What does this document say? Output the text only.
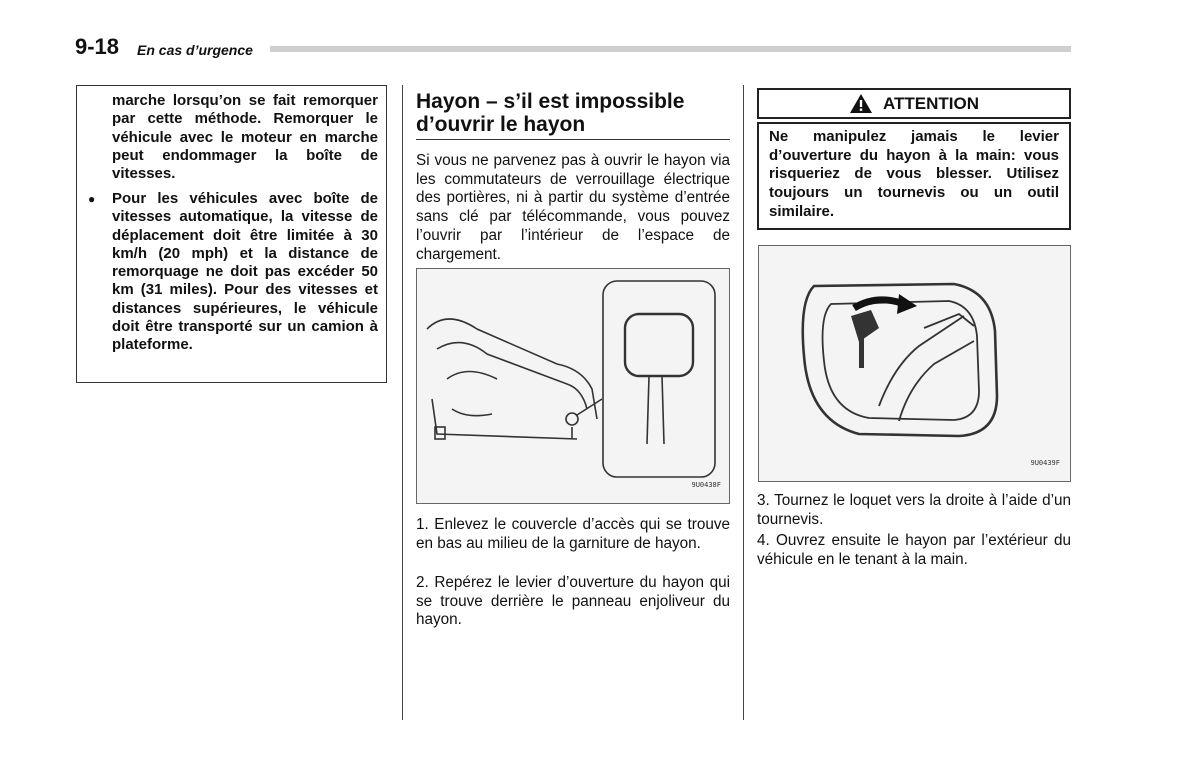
9-18 En cas d’urgence

marche lorsqu’on se fait remorquer par cette méthode. Remorquer le véhicule avec le moteur en marche peut endommager la boîte de vitesses.

● Pour les véhicules avec boîte de vitesses automatique, la vitesse de déplacement doit être limitée à 30 km/h (20 mph) et la distance de remorquage ne doit pas excéder 50 km (31 miles). Pour des vitesses et distances supérieures, le véhicule doit être transporté sur un camion à plateforme.

Hayon – s’il est impossible
d’ouvrir le hayon

Si vous ne parvenez pas à ouvrir le hayon via les commutateurs de verrouillage électrique des portières, ni à partir du système d’entrée sans clé par télécommande, vous pouvez l’ouvrir par l’intérieur de l’espace de chargement.

9U0438F

1. Enlevez le couvercle d’accès qui se trouve en bas au milieu de la garniture de hayon.

2. Repérez le levier d’ouverture du hayon qui se trouve derrière le panneau enjoliveur du hayon.

ATTENTION

Ne manipulez jamais le levier d’ouverture du hayon à la main: vous risqueriez de vous blesser. Utilisez toujours un tournevis ou un outil similaire.

9U0439F

3. Tournez le loquet vers la droite à l’aide d’un tournevis.

4. Ouvrez ensuite le hayon par l’extérieur du véhicule en le tenant à la main.
